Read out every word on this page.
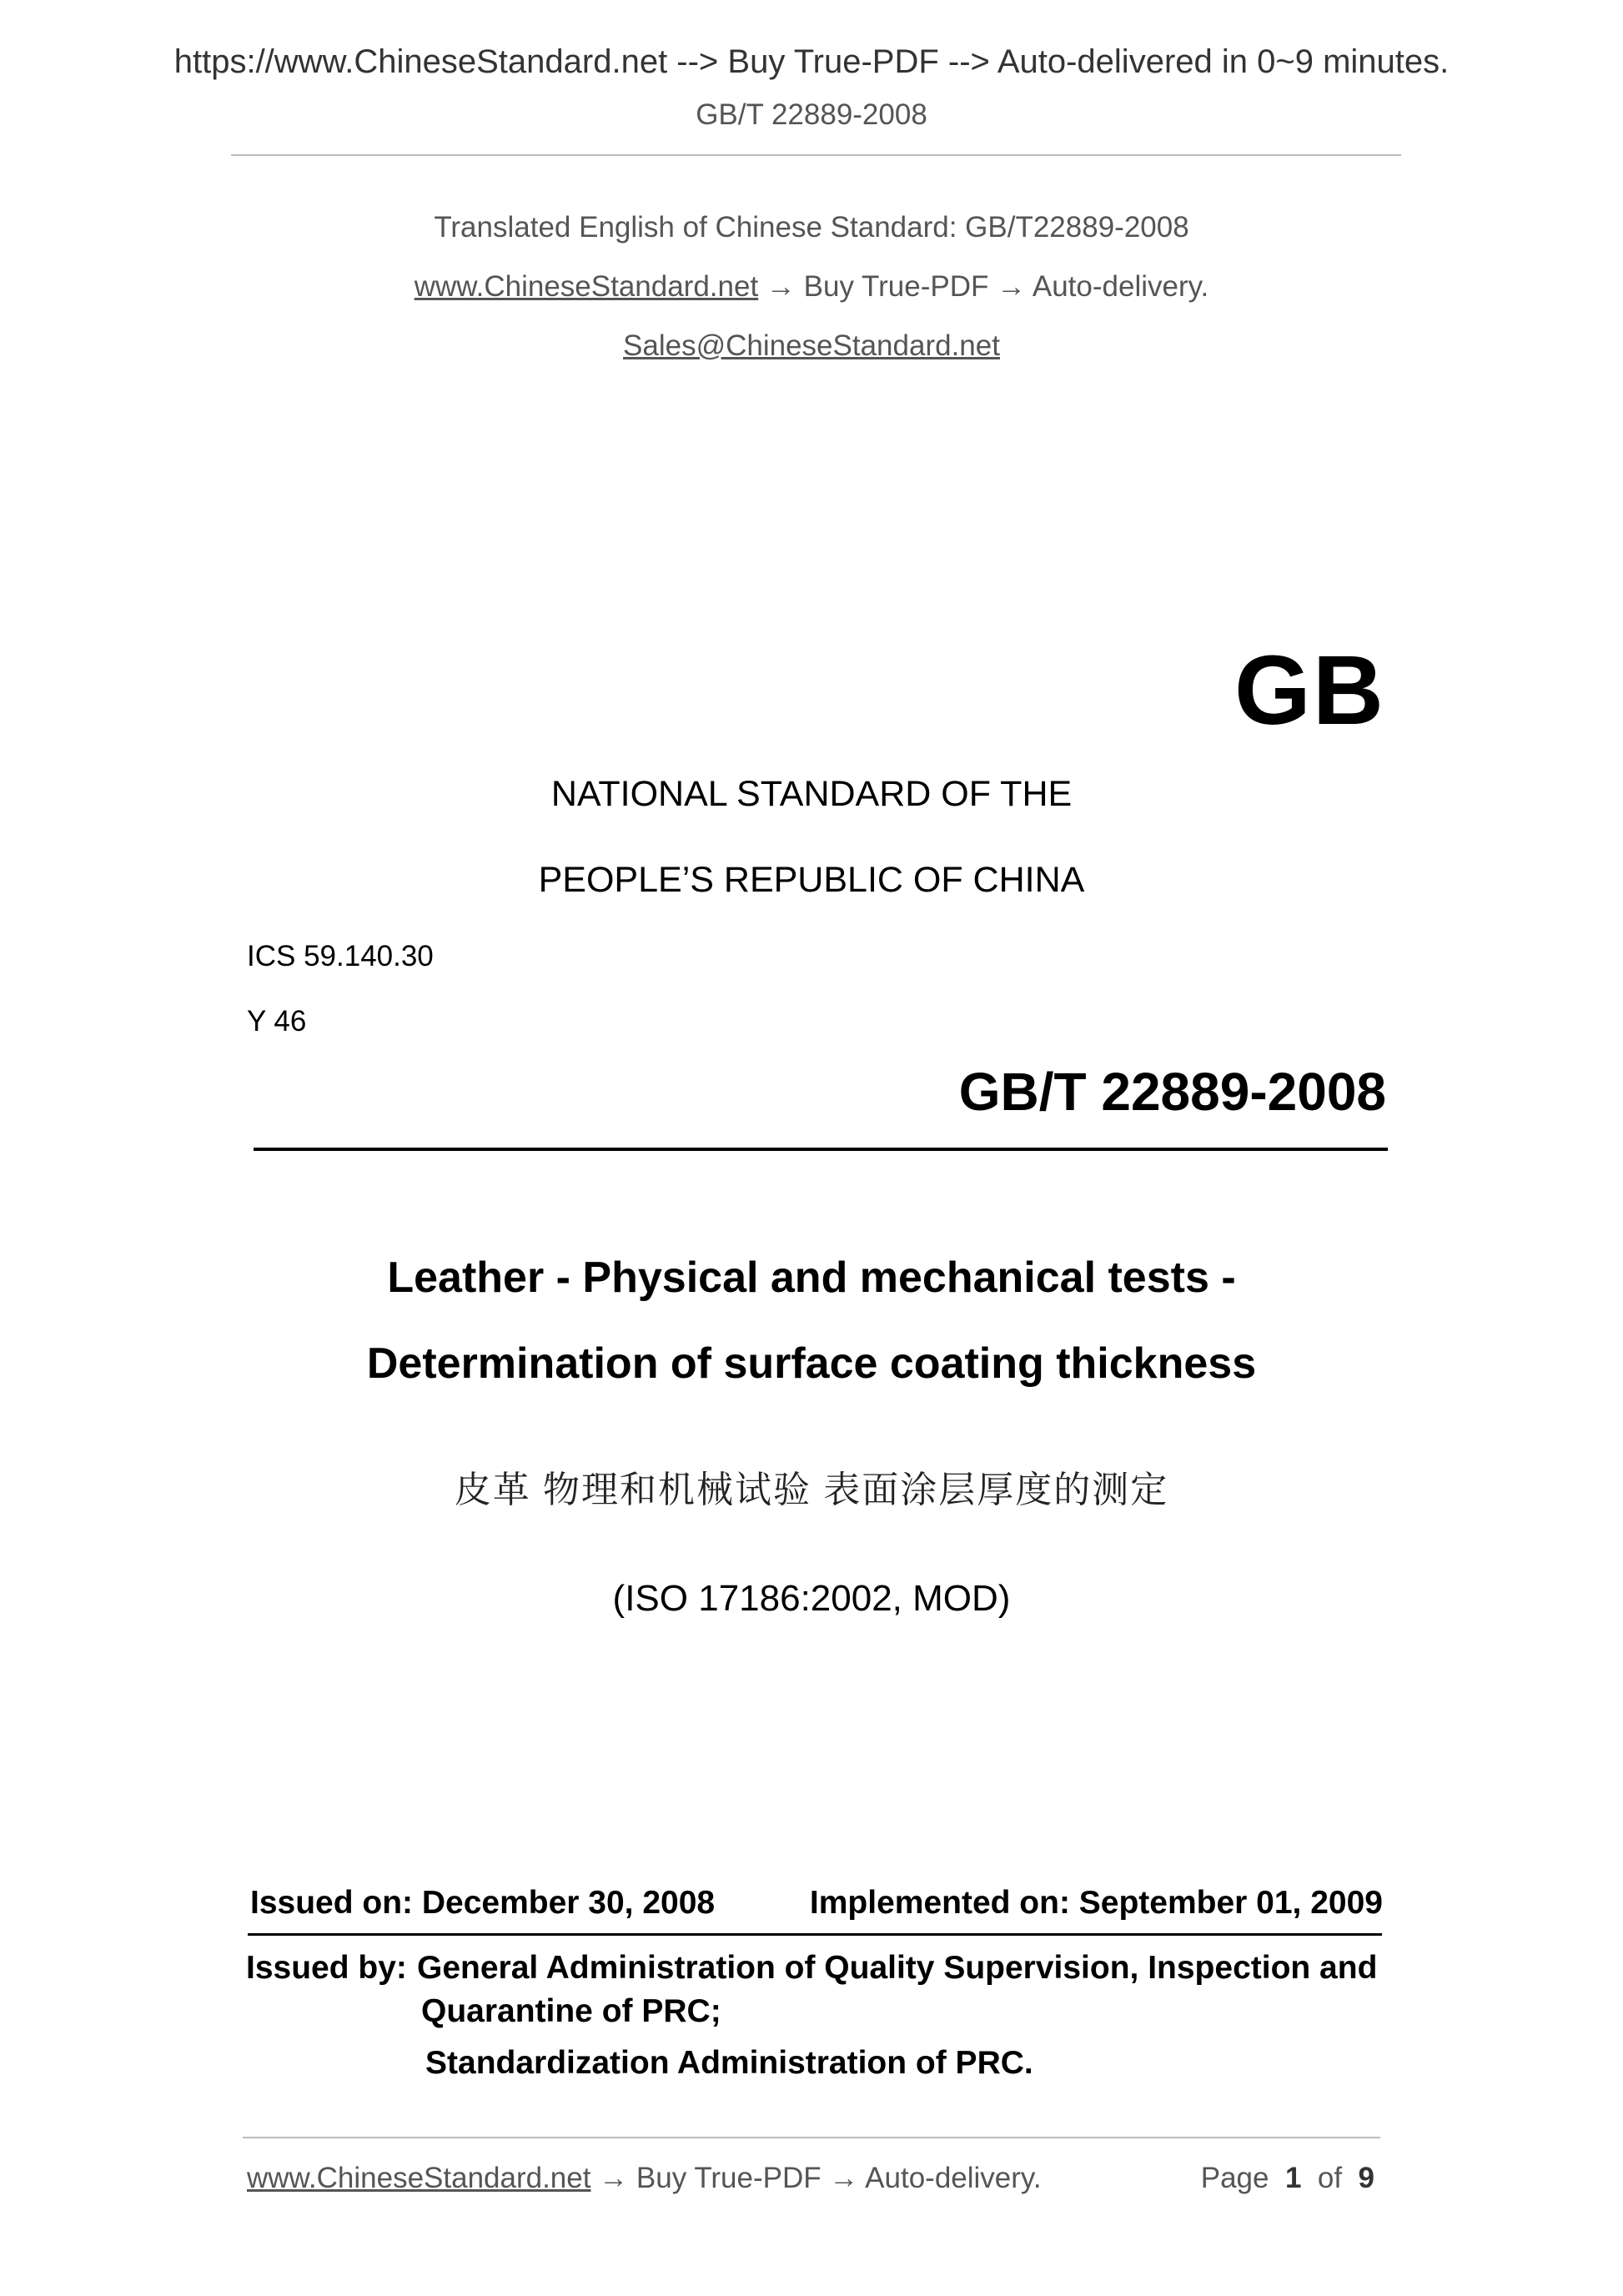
https://www.ChineseStandard.net --> Buy True-PDF --> Auto-delivered in 0~9 minutes.
GB/T 22889-2008
Translated English of Chinese Standard: GB/T22889-2008
www.ChineseStandard.net → Buy True-PDF → Auto-delivery.
Sales@ChineseStandard.net
GB
NATIONAL STANDARD OF THE
PEOPLE’S REPUBLIC OF CHINA
ICS 59.140.30
Y 46
GB/T 22889-2008
Leather - Physical and mechanical tests -
Determination of surface coating thickness
皮革 物理和机械试验 表面涂层厚度的测定
(ISO 17186:2002, MOD)
Issued on: December 30, 2008	Implemented on: September 01, 2009
Issued by: General Administration of Quality Supervision, Inspection and
Quarantine of PRC;
Standardization Administration of PRC.
www.ChineseStandard.net → Buy True-PDF → Auto-delivery.	Page 1 of 9
